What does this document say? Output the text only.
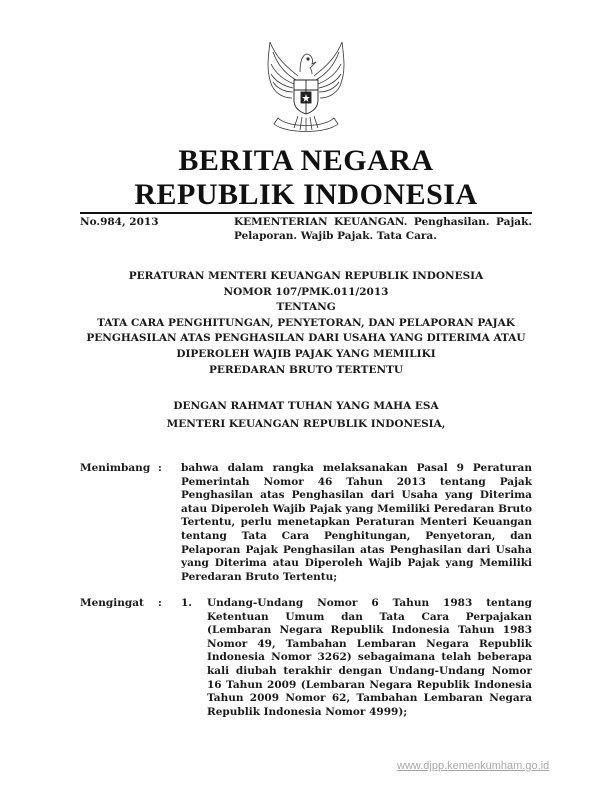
BERITA NEGARA
REPUBLIK INDONESIA
No.984, 2013	KEMENTERIAN KEUANGAN. Penghasilan. Pajak. Pelaporan. Wajib Pajak. Tata Cara.
PERATURAN MENTERI KEUANGAN REPUBLIK INDONESIA
NOMOR 107/PMK.011/2013
TENTANG
TATA CARA PENGHITUNGAN, PENYETORAN, DAN PELAPORAN PAJAK
PENGHASILAN ATAS PENGHASILAN DARI USAHA YANG DITERIMA ATAU
DIPEROLEH WAJIB PAJAK YANG MEMILIKI
PEREDARAN BRUTO TERTENTU
DENGAN RAHMAT TUHAN YANG MAHA ESA
MENTERI KEUANGAN REPUBLIK INDONESIA,
Menimbang : bahwa dalam rangka melaksanakan Pasal 9 Peraturan Pemerintah Nomor 46 Tahun 2013 tentang Pajak Penghasilan atas Penghasilan dari Usaha yang Diterima atau Diperoleh Wajib Pajak yang Memiliki Peredaran Bruto Tertentu, perlu menetapkan Peraturan Menteri Keuangan tentang Tata Cara Penghitungan, Penyetoran, dan Pelaporan Pajak Penghasilan atas Penghasilan dari Usaha yang Diterima atau Diperoleh Wajib Pajak yang Memiliki Peredaran Bruto Tertentu;
Mengingat : 1. Undang-Undang Nomor 6 Tahun 1983 tentang Ketentuan Umum dan Tata Cara Perpajakan (Lembaran Negara Republik Indonesia Tahun 1983 Nomor 49, Tambahan Lembaran Negara Republik Indonesia Nomor 3262) sebagaimana telah beberapa kali diubah terakhir dengan Undang-Undang Nomor 16 Tahun 2009 (Lembaran Negara Republik Indonesia Tahun 2009 Nomor 62, Tambahan Lembaran Negara Republik Indonesia Nomor 4999);
www.djpp.kemenkumham.go.id
